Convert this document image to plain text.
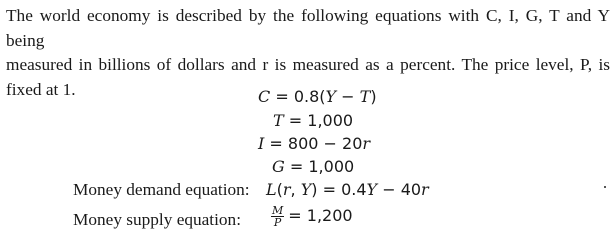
The world economy is described by the following equations with C, I, G, T and Y being
measured in billions of dollars and r is measured as a percent. The price level, P, is
fixed at 1.	C = 0.8(Y − T)
T = 1,000
I = 800 − 20r
G = 1,000
Money demand equation: L(r, Y) = 0.4Y − 40r
Money supply equation:	$\frac{M}{P} = 1,200$
